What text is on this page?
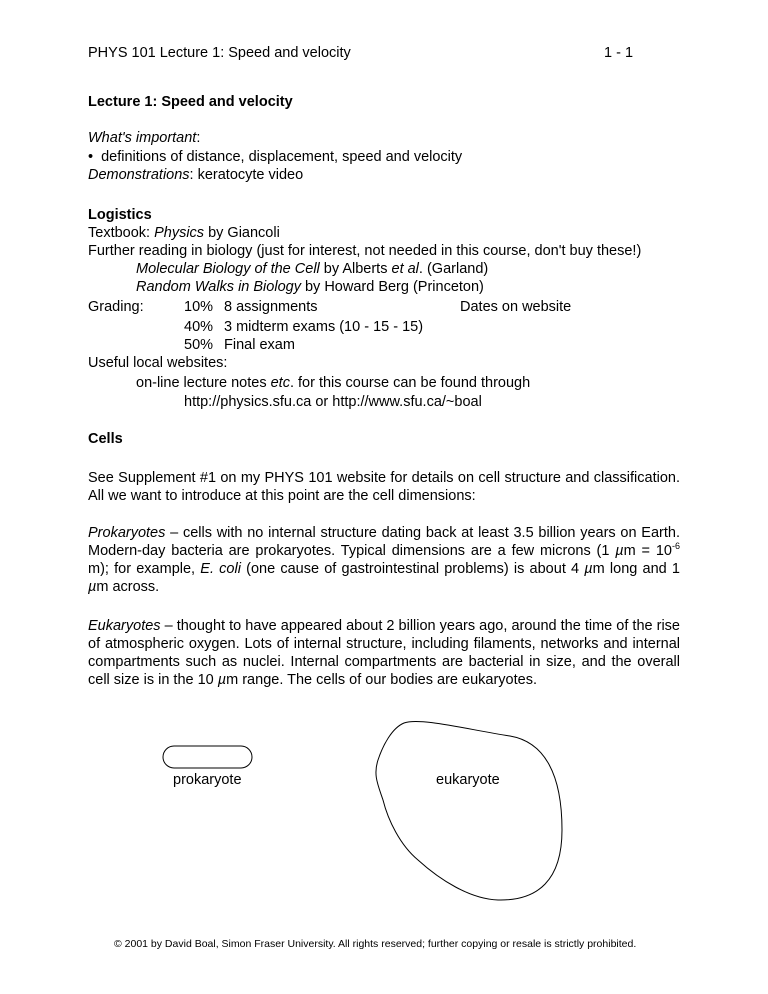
PHYS 101 Lecture 1: Speed and velocity	1 - 1
Lecture 1: Speed and velocity
What's important:
• definitions of distance, displacement, speed and velocity
Demonstrations: keratocyte video
Logistics
Textbook: Physics by Giancoli
Further reading in biology (just for interest, not needed in this course, don't buy these!)
Molecular Biology of the Cell by Alberts et al. (Garland)
Random Walks in Biology by Howard Berg (Princeton)
Grading:	10% 8 assignments	Dates on website
40% 3 midterm exams (10 - 15 - 15)
50% Final exam
Useful local websites:
on-line lecture notes etc. for this course can be found through
http://physics.sfu.ca or http://www.sfu.ca/~boal
Cells
See Supplement #1 on my PHYS 101 website for details on cell structure and classification. All we want to introduce at this point are the cell dimensions:
Prokaryotes – cells with no internal structure dating back at least 3.5 billion years on Earth. Modern-day bacteria are prokaryotes. Typical dimensions are a few microns (1 $\mu m = 10^{-6}$ m); for example, E. coli (one cause of gastrointestinal problems) is about 4 µm long and 1 µm across.
Eukaryotes – thought to have appeared about 2 billion years ago, around the time of the rise of atmospheric oxygen. Lots of internal structure, including filaments, networks and internal compartments such as nuclei. Internal compartments are bacterial in size, and the overall cell size is in the 10 µm range. The cells of our bodies are eukaryotes.
prokaryote	eukaryote
© 2001 by David Boal, Simon Fraser University. All rights reserved; further copying or resale is strictly prohibited.
